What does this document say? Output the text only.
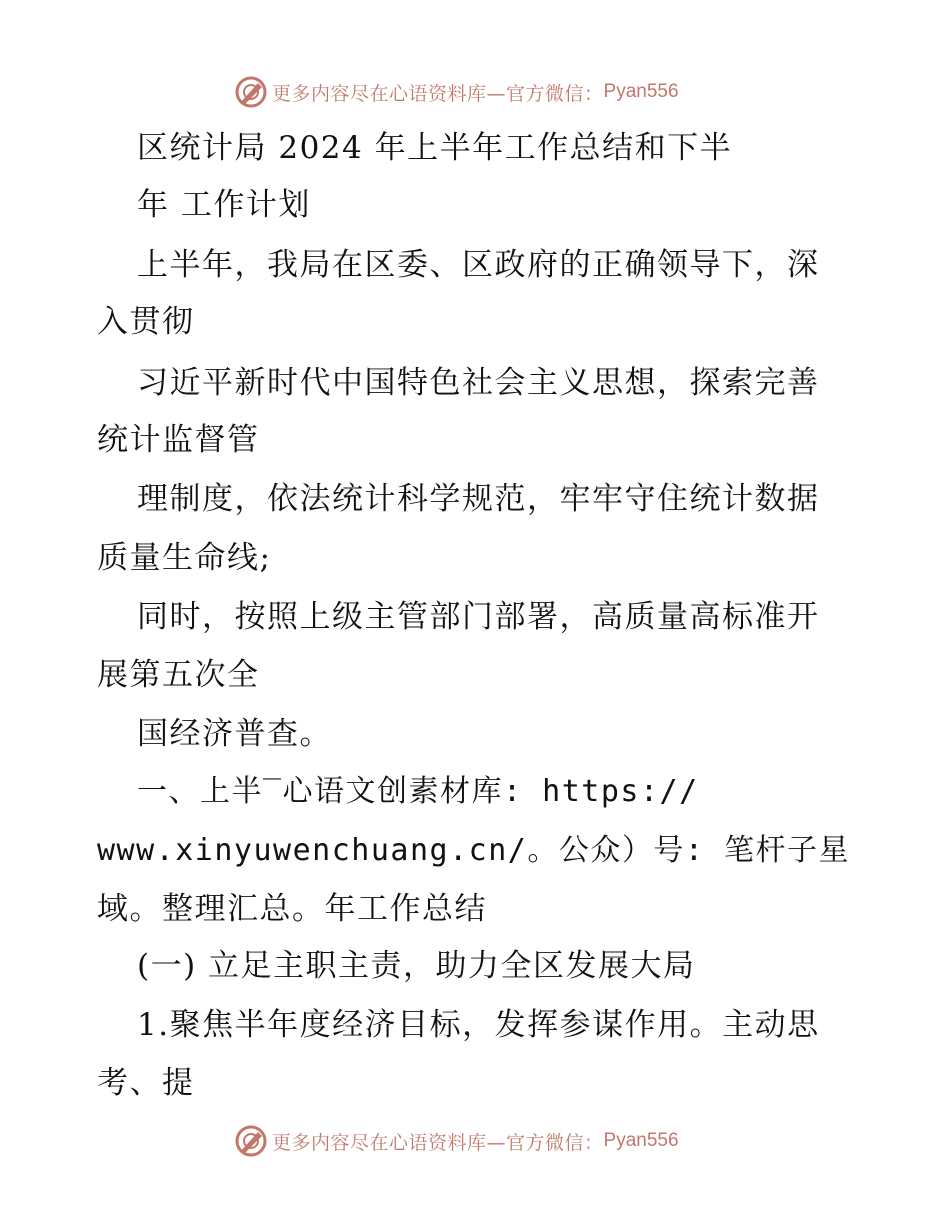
更多内容尽在心语资料库—官方微信： Pyan556
区统计局 2024 年上半年工作总结和下半
年 工作计划
上半年，我局在区委、区政府的正确领导下，深
入贯彻
习近平新时代中国特色社会主义思想，探索完善
统计监督管
理制度，依法统计科学规范，牢牢守住统计数据
质量生命线;
同时，按照上级主管部门部署，高质量高标准开
展第五次全
国经济普查。
一、上半‾心语文创素材库: https://
www.xinyuwenchuang.cn/。公众）号: 笔杆子星
域。整理汇总。年工作总结
(一) 立足主职主责，助力全区发展大局
1.聚焦半年度经济目标，发挥参谋作用。主动思
考、提
更多内容尽在心语资料库—官方微信： Pyan556
